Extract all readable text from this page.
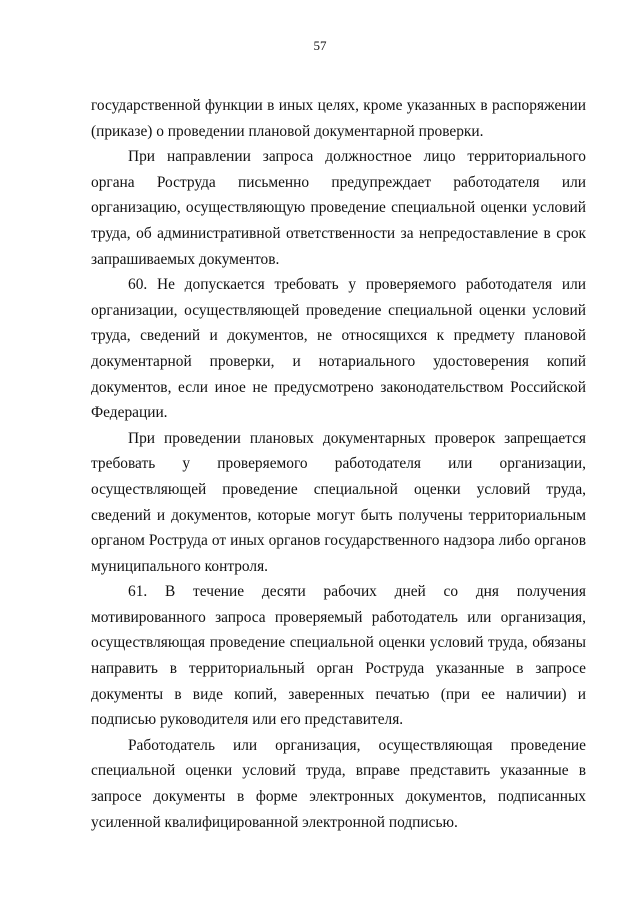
57

государственной функции в иных целях, кроме указанных в распоряжении (приказе) о проведении плановой документарной проверки.

При направлении запроса должностное лицо территориального органа Роструда письменно предупреждает работодателя или организацию, осуществляющую проведение специальной оценки условий труда, об административной ответственности за непредоставление в срок запрашиваемых документов.

60. Не допускается требовать у проверяемого работодателя или организации, осуществляющей проведение специальной оценки условий труда, сведений и документов, не относящихся к предмету плановой документарной проверки, и нотариального удостоверения копий документов, если иное не предусмотрено законодательством Российской Федерации.

При проведении плановых документарных проверок запрещается требовать у проверяемого работодателя или организации, осуществляющей проведение специальной оценки условий труда, сведений и документов, которые могут быть получены территориальным органом Роструда от иных органов государственного надзора либо органов муниципального контроля.

61. В течение десяти рабочих дней со дня получения мотивированного запроса проверяемый работодатель или организация, осуществляющая проведение специальной оценки условий труда, обязаны направить в территориальный орган Роструда указанные в запросе документы в виде копий, заверенных печатью (при ее наличии) и подписью руководителя или его представителя.

Работодатель или организация, осуществляющая проведение специальной оценки условий труда, вправе представить указанные в запросе документы в форме электронных документов, подписанных усиленной квалифицированной электронной подписью.
